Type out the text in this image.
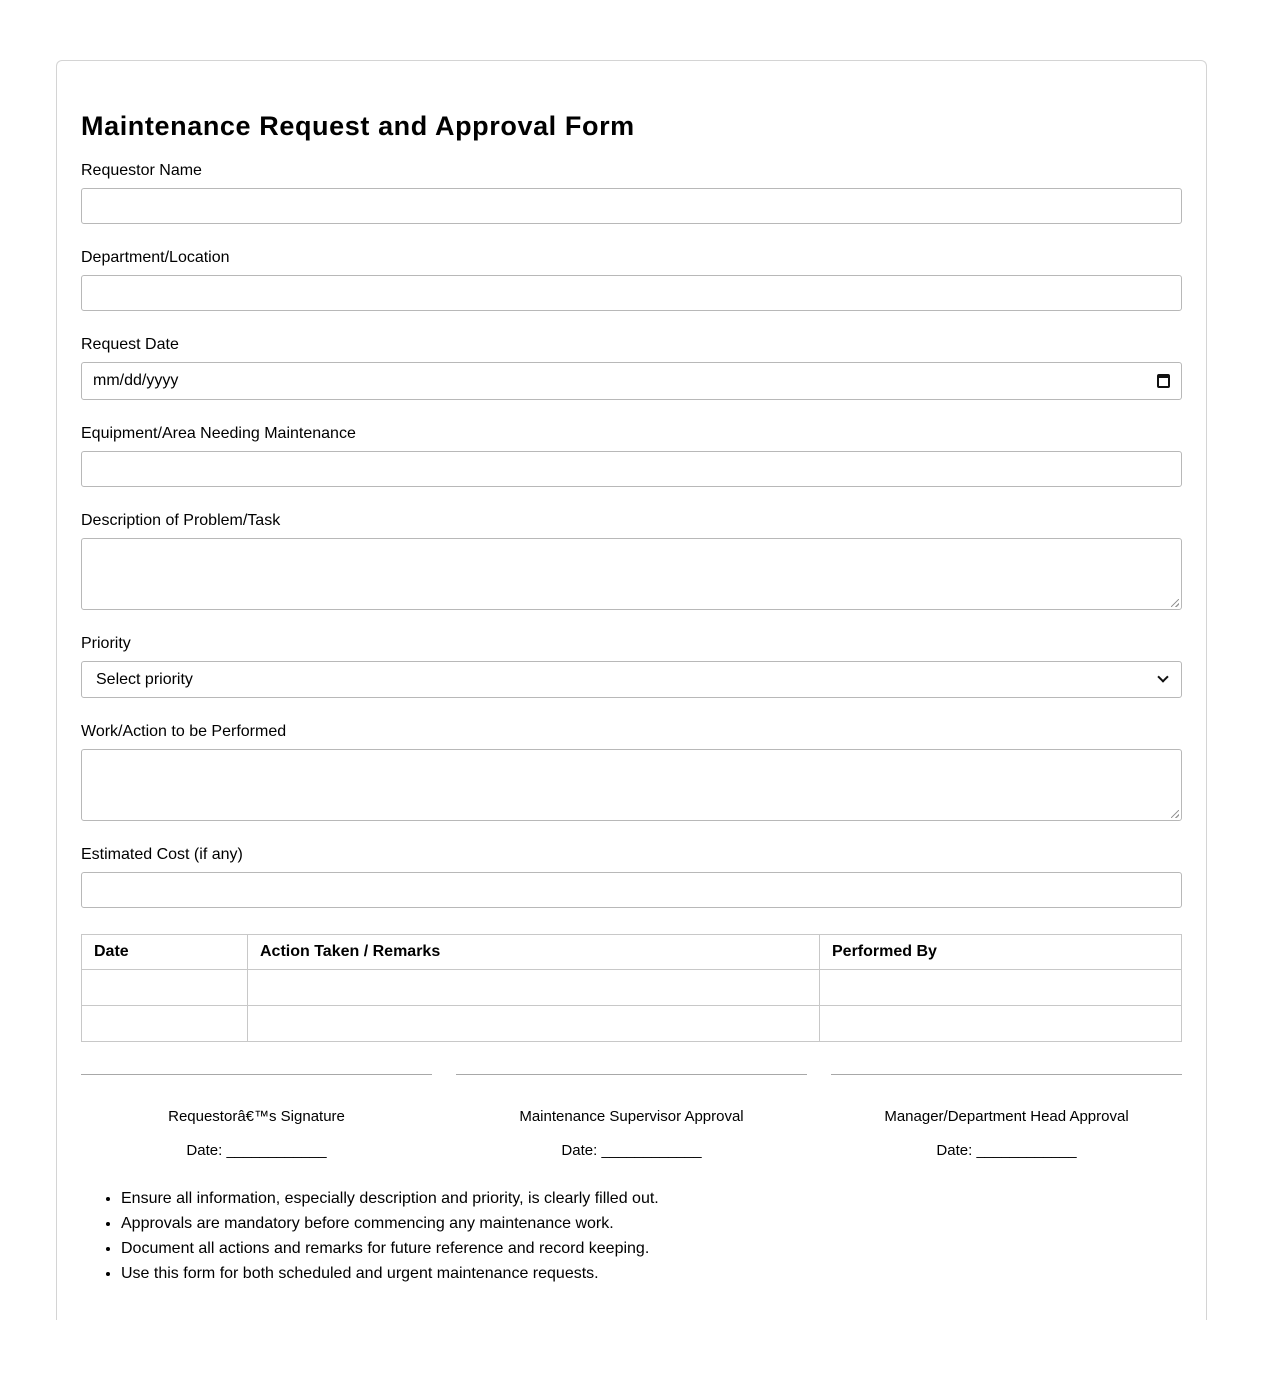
Maintenance Request and Approval Form
Requestor Name
Department/Location
Request Date
mm/dd/yyyy
Equipment/Area Needing Maintenance
Description of Problem/Task
Priority
Select priority
Work/Action to be Performed
Estimated Cost (if any)
Date	Action Taken / Remarks	Performed By

Requestorâ€™s Signature
Date: ____________
Maintenance Supervisor Approval
Date: ____________
Manager/Department Head Approval
Date: ____________
• Ensure all information, especially description and priority, is clearly filled out.
• Approvals are mandatory before commencing any maintenance work.
• Document all actions and remarks for future reference and record keeping.
• Use this form for both scheduled and urgent maintenance requests.
